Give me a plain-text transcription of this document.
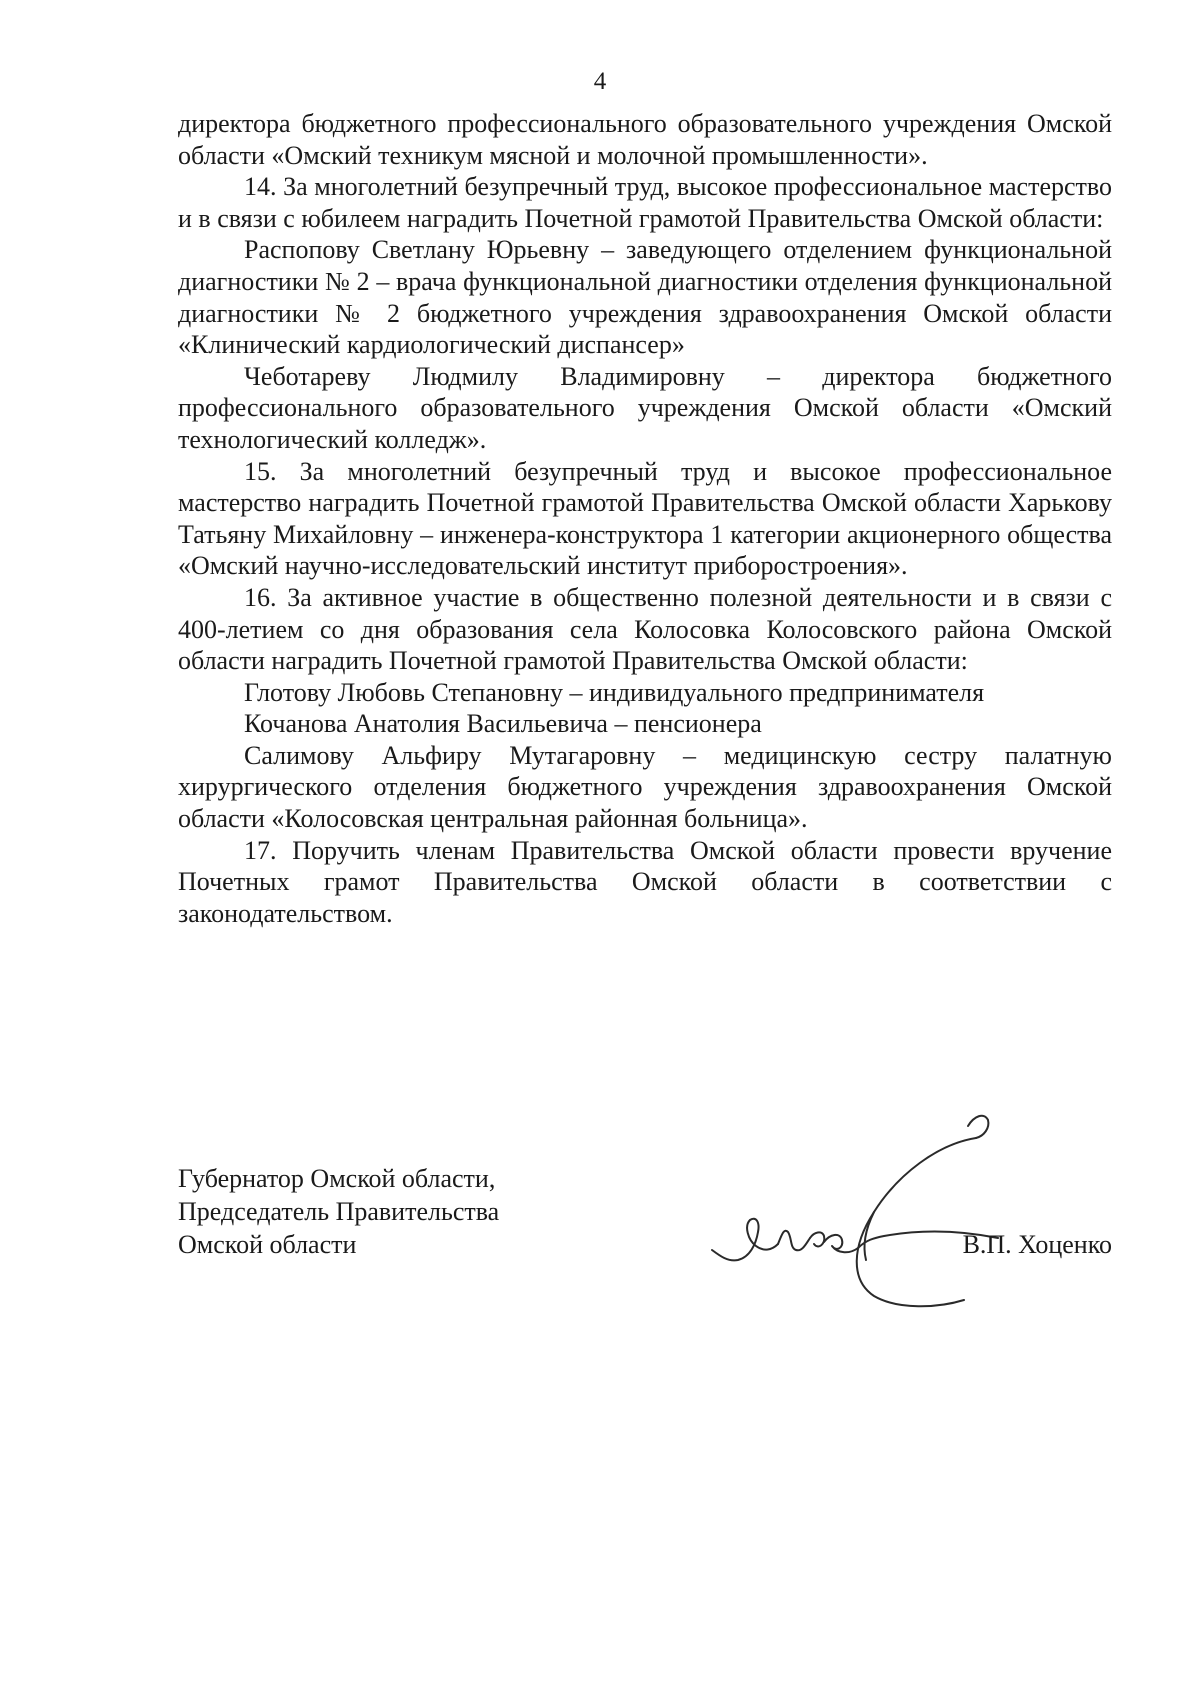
4

директора бюджетного профессионального образовательного учреждения Омской области «Омский техникум мясной и молочной промышленности».

14. За многолетний безупречный труд, высокое профессиональное мастерство и в связи с юбилеем наградить Почетной грамотой Правительства Омской области:

Распопову Светлану Юрьевну – заведующего отделением функциональной диагностики № 2 – врача функциональной диагностики отделения функциональной диагностики № 2 бюджетного учреждения здравоохранения Омской области «Клинический кардиологический диспансер»

Чеботареву Людмилу Владимировну – директора бюджетного профессионального образовательного учреждения Омской области «Омский технологический колледж».

15. За многолетний безупречный труд и высокое профессиональное мастерство наградить Почетной грамотой Правительства Омской области Харькову Татьяну Михайловну – инженера-конструктора 1 категории акционерного общества «Омский научно-исследовательский институт приборостроения».

16. За активное участие в общественно полезной деятельности и в связи с 400-летием со дня образования села Колосовка Колосовского района Омской области наградить Почетной грамотой Правительства Омской области:

Глотову Любовь Степановну – индивидуального предпринимателя

Кочанова Анатолия Васильевича – пенсионера

Салимову Альфиру Мутагаровну – медицинскую сестру палатную хирургического отделения бюджетного учреждения здравоохранения Омской области «Колосовская центральная районная больница».

17. Поручить членам Правительства Омской области провести вручение Почетных грамот Правительства Омской области в соответствии с законодательством.

Губернатор Омской области,
Председатель Правительства
Омской области	В.П. Хоценко
